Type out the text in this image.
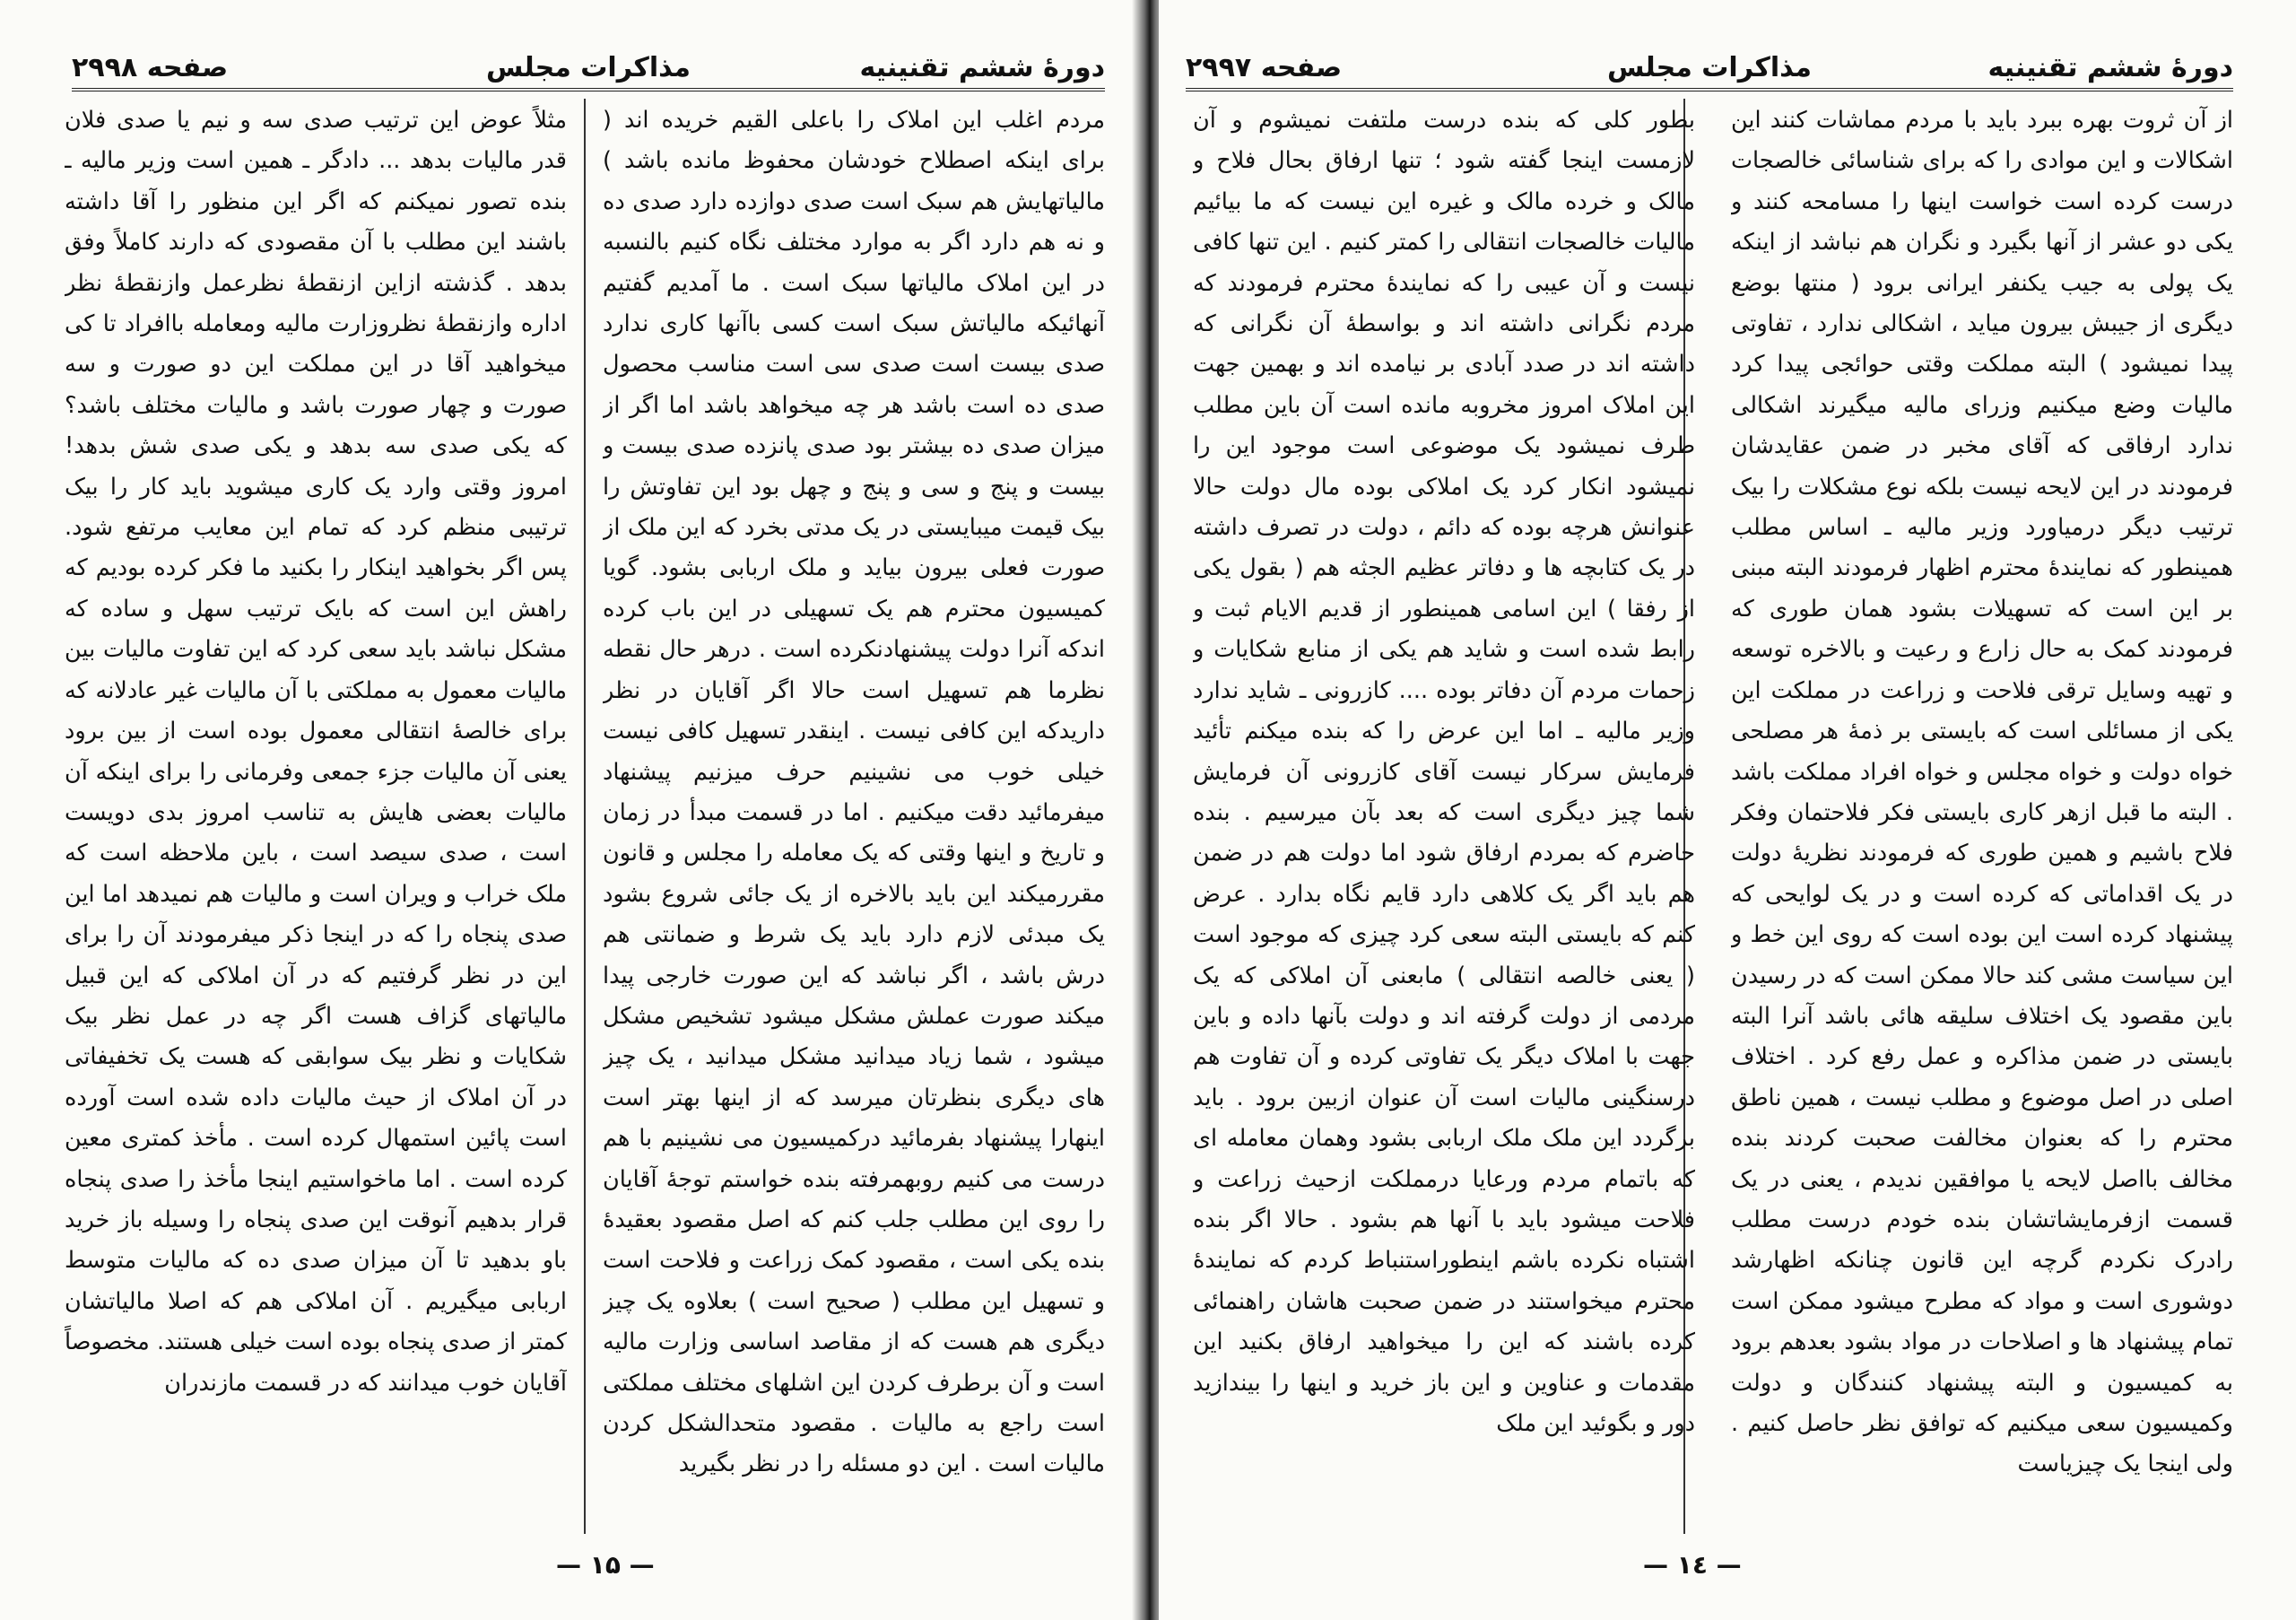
دورهٔ ششم تقنينيه
مذاكرات مجلس
صفحه ۲۹۹۸

مردم اغلب این املاک را باعلی القیم خریده اند ( برای اینکه اصطلاح خودشان محفوظ مانده باشد ) مالیاتهایش هم سبک است صدی دوازده دارد صدی ده و نه هم دارد اگر به موارد مختلف نگاه کنیم بالنسبه در این املاک مالیاتها سبک است . ما آمدیم گفتیم آنهائیکه مالیاتش سبک است کسی باآنها کاری ندارد صدی بیست است صدی سی است مناسب محصول صدی ده است باشد هر چه میخواهد باشد اما اگر از میزان صدی ده بیشتر بود صدی پانزده صدی بیست و بیست و پنج و سی و پنج و چهل بود این تفاوتش را بیک قیمت میبایستی در یک مدتی بخرد که این ملک از صورت فعلی بیرون بیاید و ملک اربابی بشود. گویا کمیسیون محترم هم یک تسهیلی در این باب کرده اندکه آنرا دولت پیشنهادنکرده است . درهر حال نقطه نظرما هم تسهیل است حالا اگر آقایان در نظر داریدکه این کافی نیست . اینقدر تسهیل کافی نیست خیلی خوب می نشینیم حرف میزنیم پیشنهاد میفرمائید دقت میکنیم . اما در قسمت مبدأ در زمان و تاریخ و اینها وقتی که یک معامله را مجلس و قانون مقررمیکند این باید بالاخره از یک جائی شروع بشود یک مبدئی لازم دارد باید یک شرط و ضمانتی هم درش باشد ، اگر نباشد که این صورت خارجی پیدا میکند صورت عملش مشکل میشود تشخیص مشکل میشود ، شما زیاد میدانید مشکل میدانید ، یک چیز های دیگری بنظرتان میرسد که از اینها بهتر است اینهارا پیشنهاد بفرمائید درکمیسیون می نشینیم با هم درست می کنیم روبهمرفته بنده خواستم توجهٔ آقایان را روی این مطلب جلب کنم که اصل مقصود بعقیدهٔ بنده یکی است ، مقصود کمک زراعت و فلاحت است و تسهیل این مطلب ( صحیح است ) بعلاوه یک چیز دیگری هم هست که از مقاصد اساسی وزارت مالیه است و آن برطرف کردن این اشلهای مختلف مملکتی است راجع به مالیات . مقصود متحدالشکل کردن مالیات است . این دو مسئله را در نظر بگیرید

مثلاً عوض این ترتیب صدی سه و نیم یا صدی فلان قدر مالیات بدهد ... دادگر ـ همین است وزیر مالیه ـ بنده تصور نمیکنم که اگر این منظور را آقا داشته باشند این مطلب با آن مقصودی که دارند کاملاً وفق بدهد . گذشته ازاین ازنقطهٔ نظرعمل وازنقطهٔ نظر اداره وازنقطهٔ نظروزارت مالیه ومعامله باافراد تا کی میخواهید آقا در این مملکت این دو صورت و سه صورت و چهار صورت باشد و مالیات مختلف باشد؟ که یکی صدی سه بدهد و یکی صدی شش بدهد! امروز وقتی وارد یک کاری میشوید باید کار را بیک ترتیبی منظم کرد که تمام این معایب مرتفع شود. پس اگر بخواهید اینکار را بکنید ما فکر کرده بودیم که راهش این است که بایک ترتیب سهل و ساده که مشکل نباشد باید سعی کرد که این تفاوت مالیات بین مالیات معمول به مملکتی با آن مالیات غیر عادلانه که برای خالصهٔ انتقالی معمول بوده است از بین برود یعنی آن مالیات جزء جمعی وفرمانی را برای اینکه آن مالیات بعضی هایش به تناسب امروز بدی دویست است ، صدی سیصد است ، باین ملاحظه است که ملک خراب و ویران است و مالیات هم نمیدهد اما این صدی پنجاه را که در اینجا ذکر میفرمودند آن را برای این در نظر گرفتیم که در آن املاکی که این قبیل مالیاتهای گزاف هست اگر چه در عمل نظر بیک شکایات و نظر بیک سوابقی که هست یک تخفیفاتی در آن املاک از حیث مالیات داده شده است آورده است پائین استمهال کرده است . مأخذ کمتری معین کرده است . اما ماخواستیم اینجا مأخذ را صدی پنجاه قرار بدهیم آنوقت این صدی پنجاه را وسیله باز خرید باو بدهید تا آن میزان صدی ده که مالیات متوسط اربابی میگیریم . آن املاکی هم که اصلا مالیاتشان کمتر از صدی پنجاه بوده است خیلی هستند. مخصوصاً آقایان خوب میدانند که در قسمت مازندران

— ۱۵ —
دورهٔ ششم تقنینیه
مذاکرات مجلس
صفحه ۲۹۹۷

از آن ثروت بهره ببرد باید با مردم مماشات کنند این اشکالات و این موادی را که برای شناسائی خالصجات درست کرده است خواست اینها را مسامحه کنند و یکی دو عشر از آنها بگیرد و نگران هم نباشد از اینکه یک پولی به جیب یکنفر ایرانی برود ( منتها بوضع دیگری از جیبش بیرون میاید ، اشکالی ندارد ، تفاوتی پیدا نمیشود ) البته مملکت وقتی حوائجی پیدا کرد مالیات وضع میکنیم وزرای مالیه میگیرند اشکالی ندارد ارفاقی که آقای مخبر در ضمن عقایدشان فرمودند در این لایحه نیست بلکه نوع مشکلات را بیک ترتیب دیگر درمیاورد وزیر مالیه ـ اساس مطلب همینطور که نمایندهٔ محترم اظهار فرمودند البته مبنی بر این است که تسهیلات بشود همان طوری که فرمودند کمک به حال زارع و رعیت و بالاخره توسعه و تهیه وسایل ترقی فلاحت و زراعت در مملکت این یکی از مسائلی است که بایستی بر ذمهٔ هر مصلحی خواه دولت و خواه مجلس و خواه افراد مملکت باشد . البته ما قبل ازهر کاری بایستی فکر فلاحتمان وفکر فلاح باشیم و همین طوری که فرمودند نظریهٔ دولت در یک اقداماتی که کرده است و در یک لوایحی که پیشنهاد کرده است این بوده است که روی این خط و این سیاست مشی کند حالا ممکن است که در رسیدن باین مقصود یک اختلاف سلیقه هائی باشد آنرا البته بایستی در ضمن مذاکره و عمل رفع کرد . اختلاف اصلی در اصل موضوع و مطلب نیست ، همین ناطق محترم را که بعنوان مخالفت صحبت کردند بنده مخالف بااصل لایحه یا موافقین ندیدم ، یعنی در یک قسمت ازفرمایشاتشان بنده خودم درست مطلب رادرک نکردم گرچه این قانون چنانکه اظهارشد دوشوری است و مواد که مطرح میشود ممکن است تمام پیشنهاد ها و اصلاحات در مواد بشود بعدهم برود به کمیسیون و البته پیشنهاد کنندگان و دولت وکمیسیون سعی میکنیم که توافق نظر حاصل کنیم . ولی اینجا یک چیزیاست

بطور کلی که بنده درست ملتفت نمیشوم و آن لازمست اینجا گفته شود ؛ تنها ارفاق بحال فلاح و مالک و خرده مالک و غیره این نیست که ما بیائیم مالیات خالصجات انتقالی را کمتر کنیم . این تنها کافی نیست و آن عیبی را که نمایندهٔ محترم فرمودند که مردم نگرانی داشته اند و بواسطهٔ آن نگرانی که داشته اند در صدد آبادی بر نیامده اند و بهمین جهت این املاک امروز مخروبه مانده است آن باین مطلب طرف نمیشود یک موضوعی است موجود این را نمیشود انکار کرد یک املاکی بوده مال دولت حالا عنوانش هرچه بوده که دائم ، دولت در تصرف داشته در یک کتابچه ها و دفاتر عظیم الجثه هم ( بقول یکی از رفقا ) این اسامی همینطور از قدیم الایام ثبت و رابط شده است و شاید هم یکی از منابع شکایات و زحمات مردم آن دفاتر بوده .... کازرونی ـ شاید ندارد وزیر مالیه ـ اما این عرض را که بنده میکنم تأئید فرمایش سرکار نیست آقای کازرونی آن فرمایش شما چیز دیگری است که بعد بآن میرسیم . بنده حاضرم که بمردم ارفاق شود اما دولت هم در ضمن هم باید اگر یک کلاهی دارد قایم نگاه بدارد . عرض کنم که بایستی البته سعی کرد چیزی که موجود است ( یعنی خالصه انتقالی ) مابعنی آن املاکی که یک مردمی از دولت گرفته اند و دولت بآنها داده و باین جهت با املاک دیگر یک تفاوتی کرده و آن تفاوت هم درسنگینی مالیات است آن عنوان ازبین برود . باید برگردد این ملک ملک اربابی بشود وهمان معامله ای که باتمام مردم ورعایا درمملکت ازحیث زراعت و فلاحت میشود باید با آنها هم بشود . حالا اگر بنده اشتباه نکرده باشم اینطوراستنباط کردم که نمایندهٔ محترم میخواستند در ضمن صحبت هاشان راهنمائی کرده باشند که این را میخواهید ارفاق بکنید این مقدمات و عناوین و این باز خرید و اینها را بیندازید دور و بگوئید این ملک

— ۱٤ —
